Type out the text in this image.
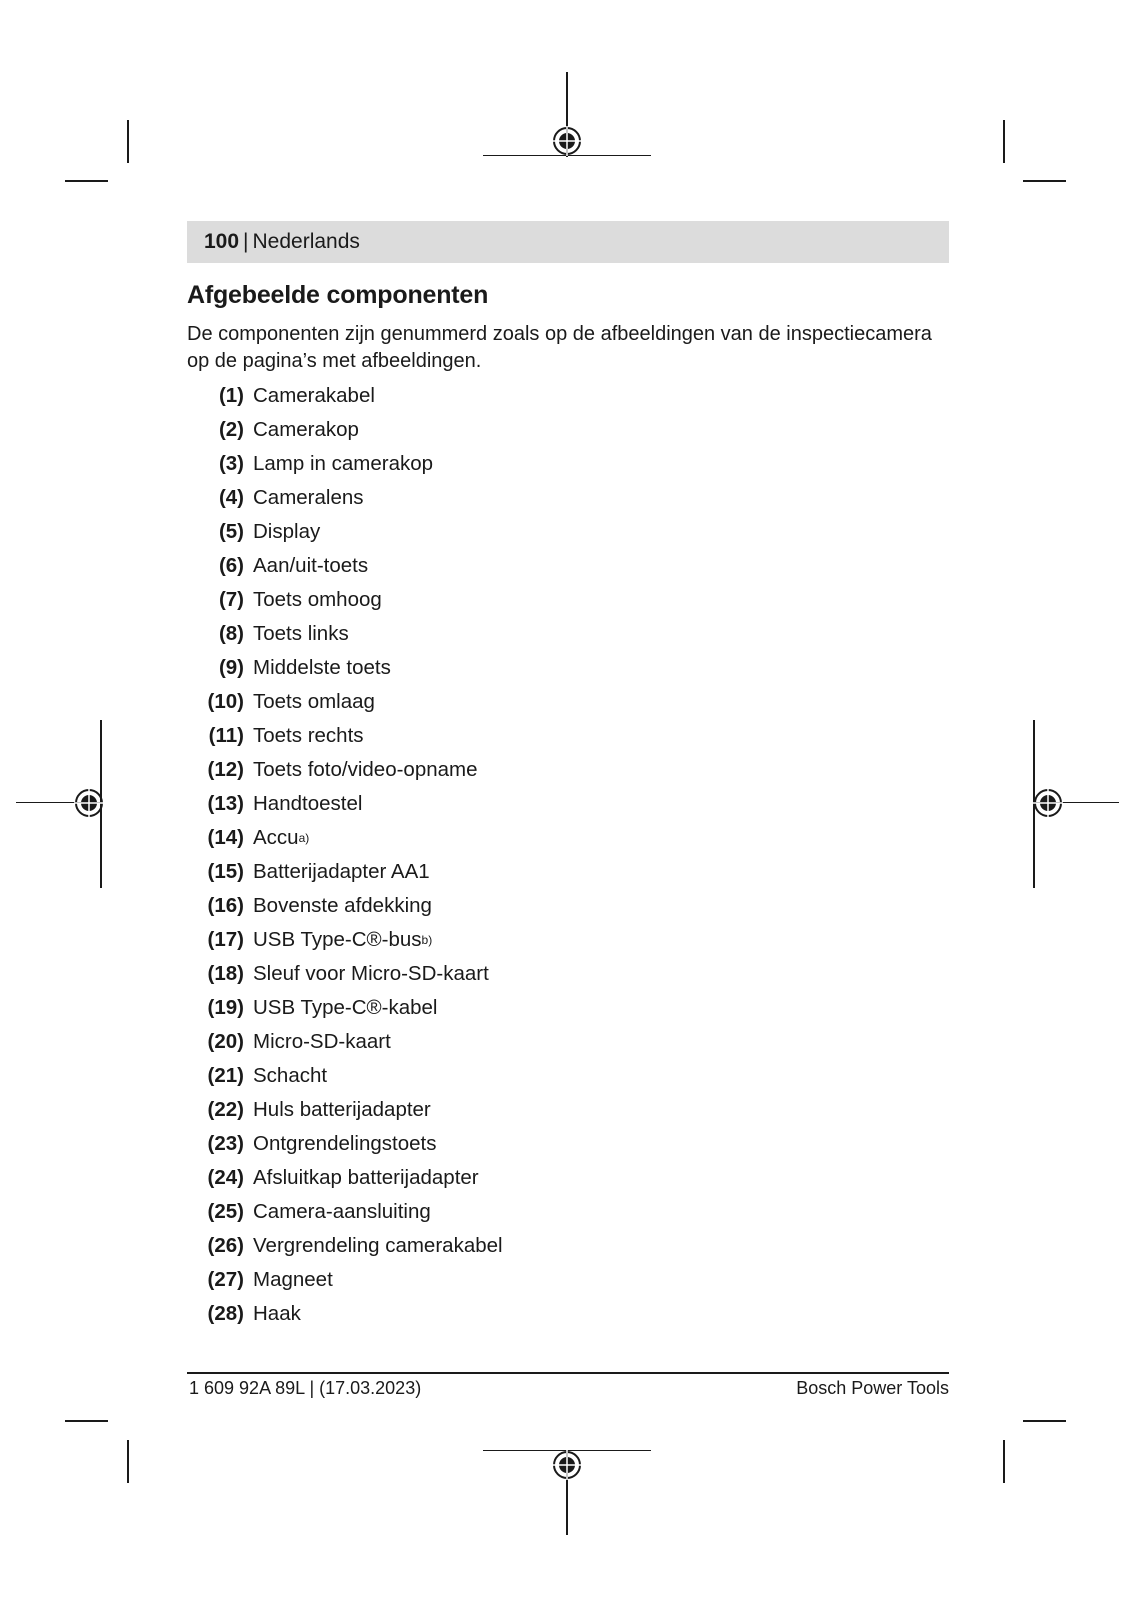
100 | Nederlands
Afgebeelde componenten

De componenten zijn genummerd zoals op de afbeeldingen van de inspectiecamera op de pagina’s met afbeeldingen.

(1) Camerakabel
(2) Camerakop
(3) Lamp in camerakop
(4) Cameralens
(5) Display
(6) Aan/uit-toets
(7) Toets omhoog
(8) Toets links
(9) Middelste toets
(10) Toets omlaag
(11) Toets rechts
(12) Toets foto/video-opname
(13) Handtoestel
(14) Accu a)
(15) Batterijadapter AA1
(16) Bovenste afdekking
(17) USB Type-C®-bus b)
(18) Sleuf voor Micro-SD-kaart
(19) USB Type-C®-kabel
(20) Micro-SD-kaart
(21) Schacht
(22) Huls batterijadapter
(23) Ontgrendelingstoets
(24) Afsluitkap batterijadapter
(25) Camera-aansluiting
(26) Vergrendeling camerakabel
(27) Magneet
(28) Haak
1 609 92A 89L | (17.03.2023)	Bosch Power Tools
